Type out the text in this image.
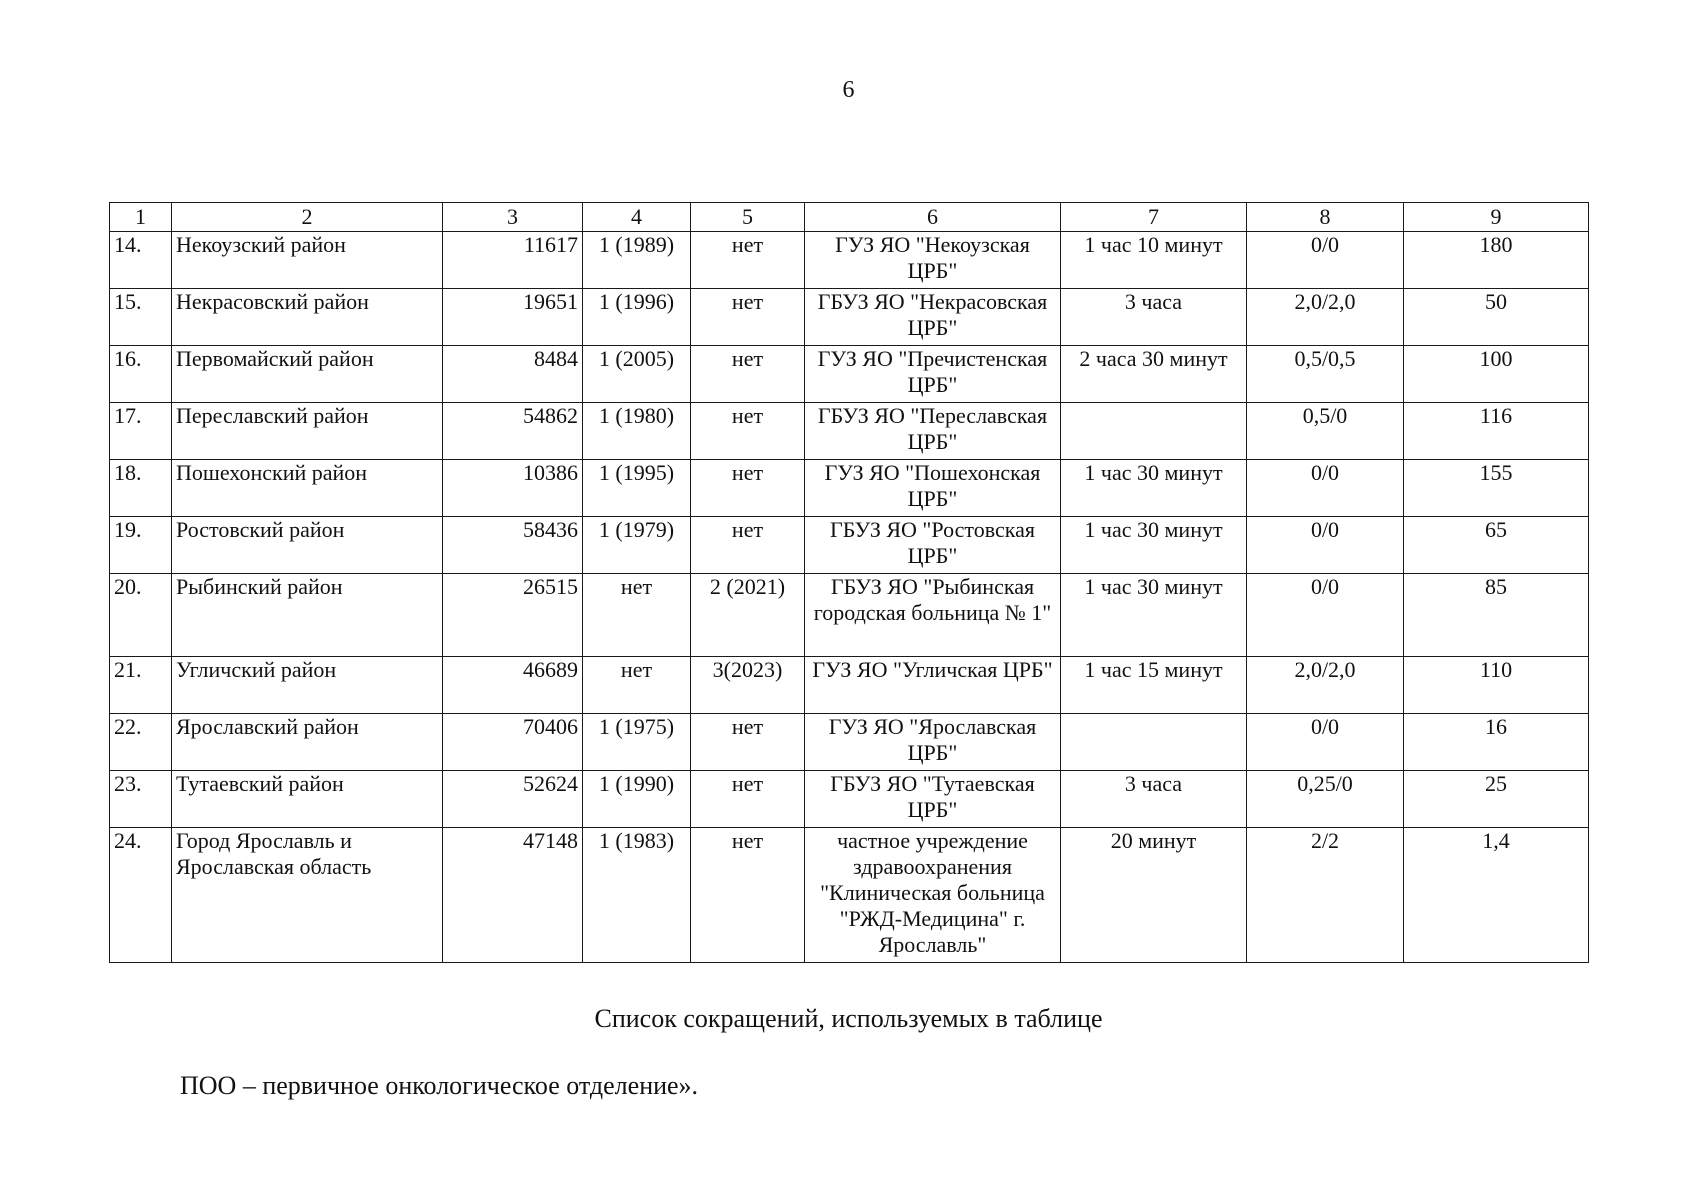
6
1	2	3	4	5	6	7	8	9
14.	Некоузский район	11617	1 (1989)	нет	ГУЗ ЯО "Некоузская ЦРБ"	1 час 10 минут	0/0	180
15.	Некрасовский район	19651	1 (1996)	нет	ГБУЗ ЯО "Некрасовская ЦРБ"	3 часа	2,0/2,0	50
16.	Первомайский район	8484	1 (2005)	нет	ГУЗ ЯО "Пречистенская ЦРБ"	2 часа 30 минут	0,5/0,5	100
17.	Переславский район	54862	1 (1980)	нет	ГБУЗ ЯО "Переславская ЦРБ"		0,5/0	116
18.	Пошехонский район	10386	1 (1995)	нет	ГУЗ ЯО "Пошехонская ЦРБ"	1 час 30 минут	0/0	155
19.	Ростовский район	58436	1 (1979)	нет	ГБУЗ ЯО "Ростовская ЦРБ"	1 час 30 минут	0/0	65
20.	Рыбинский район	26515	нет	2 (2021)	ГБУЗ ЯО "Рыбинская городская больница № 1"	1 час 30 минут	0/0	85
21.	Угличский район	46689	нет	3(2023)	ГУЗ ЯО "Угличская ЦРБ"	1 час 15 минут	2,0/2,0	110
22.	Ярославский район	70406	1 (1975)	нет	ГУЗ ЯО "Ярославская ЦРБ"		0/0	16
23.	Тутаевский район	52624	1 (1990)	нет	ГБУЗ ЯО "Тутаевская ЦРБ"	3 часа	0,25/0	25
24.	Город Ярославль и Ярославская область	47148	1 (1983)	нет	частное учреждение здравоохранения "Клиническая больница "РЖД-Медицина" г. Ярославль"	20 минут	2/2	1,4
Список сокращений, используемых в таблице
ПОО – первичное онкологическое отделение».
